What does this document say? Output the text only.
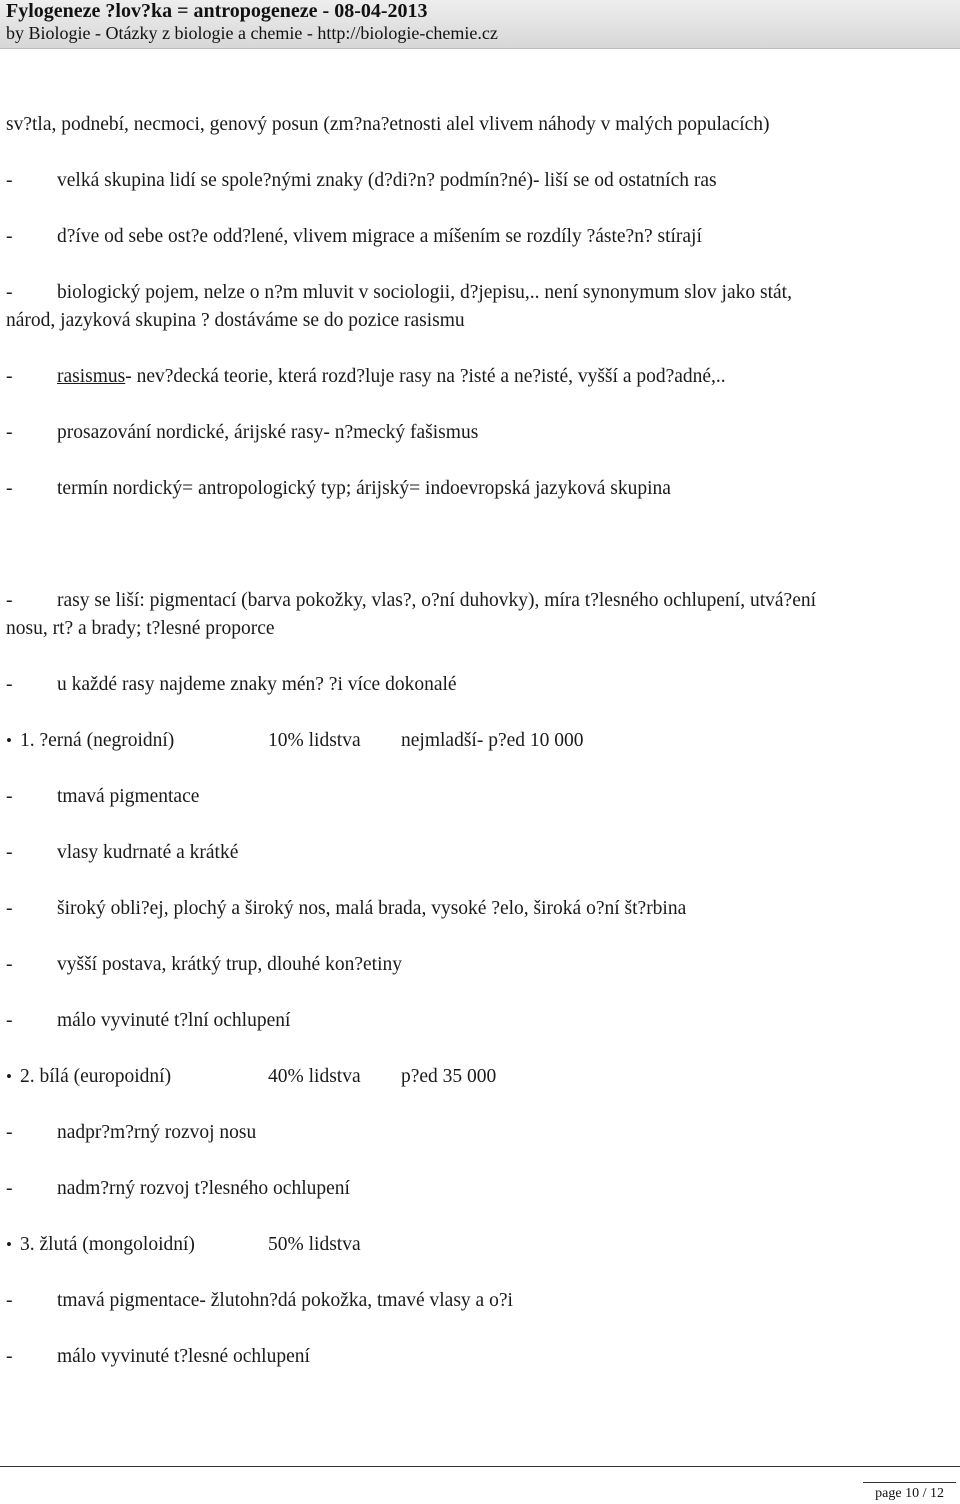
Fylogeneze ?lov?ka = antropogeneze - 08-04-2013
by Biologie - Otázky z biologie a chemie - http://biologie-chemie.cz
sv?tla, podnebí, necmoci, genový posun (zm?na?etnosti alel vlivem náhody v malých populacích)
- velká skupina lidí se spole?nými znaky (d?di?n? podmín?né)- liší se od ostatních ras
- d?íve od sebe ost?e odd?lené, vlivem migrace a míšením se rozdíly ?áste?n? stírají
- biologický pojem, nelze o n?m mluvit v sociologii, d?jepisu,.. není synonymum slov jako stát,
národ, jazyková skupina ? dostáváme se do pozice rasismu
- rasismus- nev?decká teorie, která rozd?luje rasy na ?isté a ne?isté, vyšší a pod?adné,..
- prosazování nordické, árijské rasy- n?mecký fašismus
- termín nordický= antropologický typ; árijský= indoevropská jazyková skupina
- rasy se liší: pigmentací (barva pokožky, vlas?, o?ní duhovky), míra t?lesného ochlupení, utvá?ení
nosu, rt? a brady; t?lesné proporce
- u každé rasy najdeme znaky mén? ?i více dokonalé
• 1. ?erná (negroidní)	10% lidstva nejmladší- p?ed 10 000
- tmavá pigmentace
- vlasy kudrnaté a krátké
- široký obli?ej, plochý a široký nos, malá brada, vysoké ?elo, široká o?ní št?rbina
- vyšší postava, krátký trup, dlouhé kon?etiny
- málo vyvinuté t?lní ochlupení
• 2. bílá (europoidní)	40% lidstva p?ed 35 000
- nadpr?m?rný rozvoj nosu
- nadm?rný rozvoj t?lesného ochlupení
• 3. žlutá (mongoloidní)	50% lidstva
- tmavá pigmentace- žlutohn?dá pokožka, tmavé vlasy a o?i
- málo vyvinuté t?lesné ochlupení
page 10 / 12
